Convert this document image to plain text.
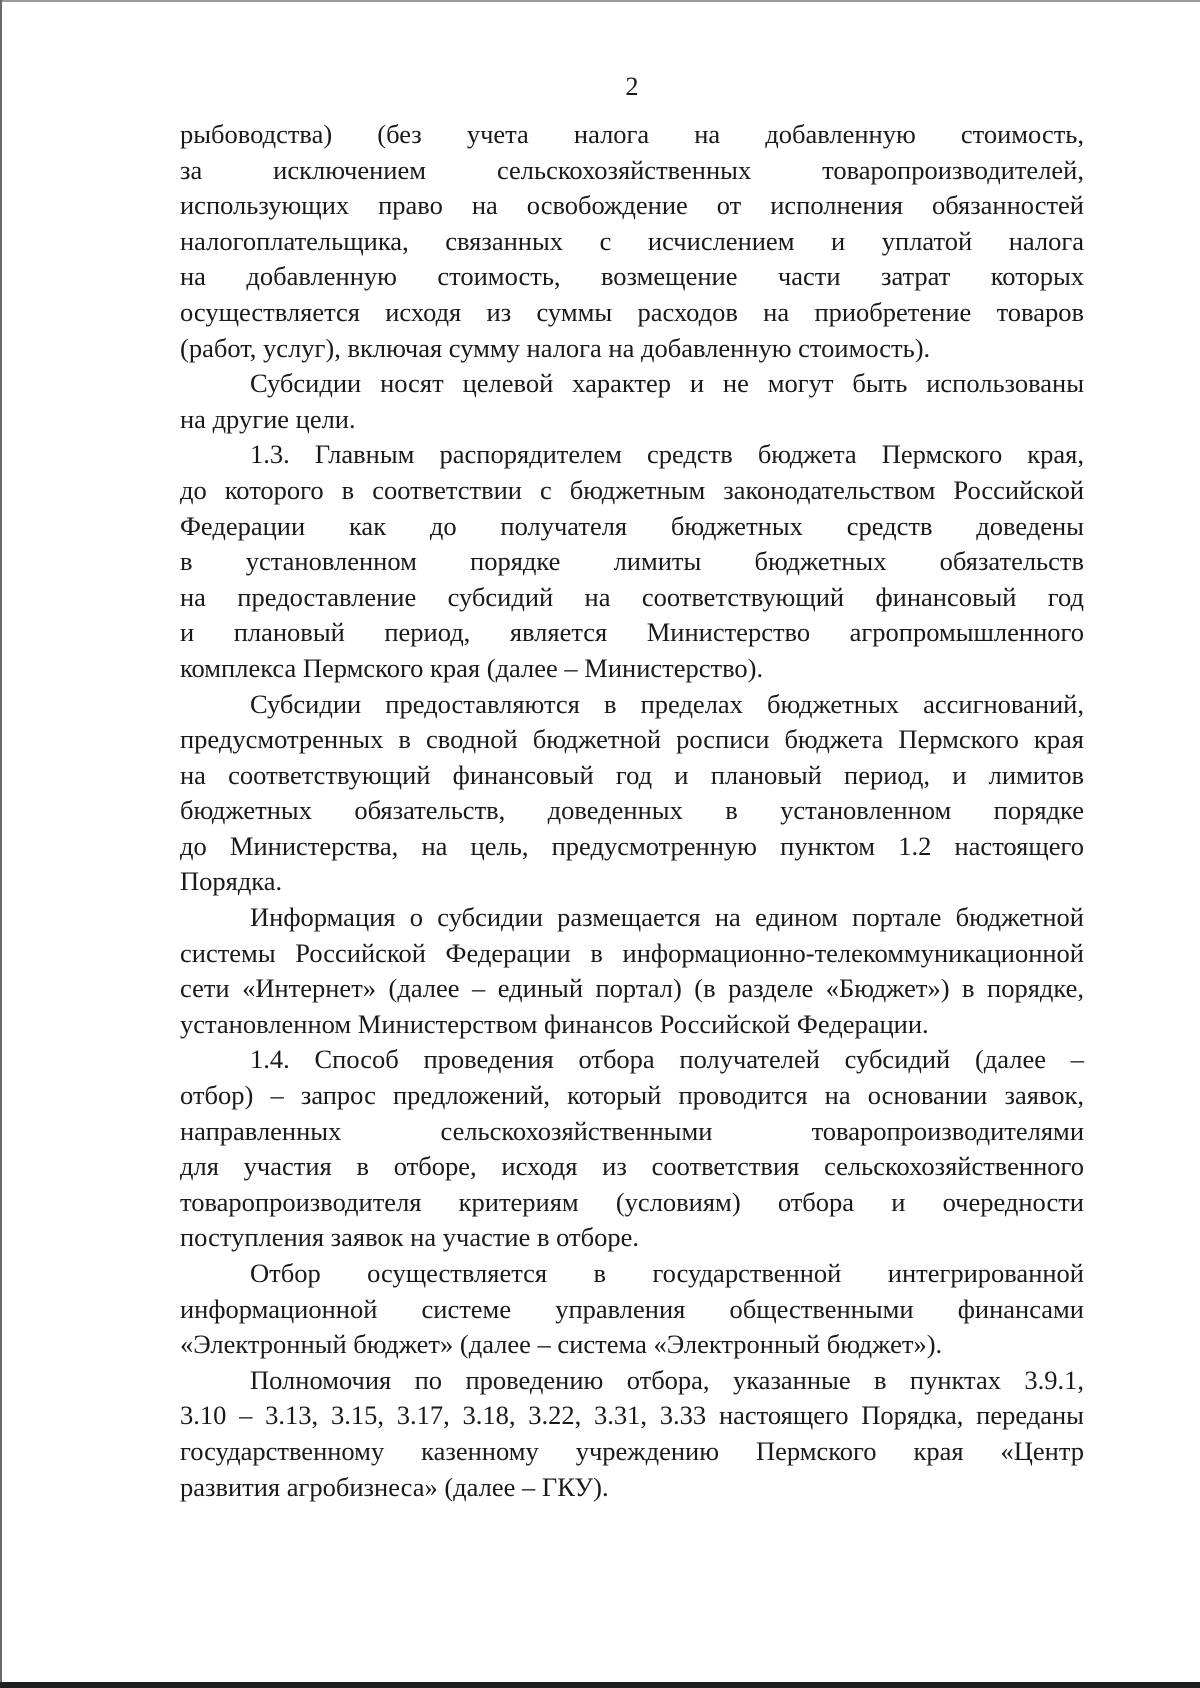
2
рыбоводства) (без учета налога на добавленную стоимость,
за исключением сельскохозяйственных товаропроизводителей,
использующих право на освобождение от исполнения обязанностей
налогоплательщика, связанных с исчислением и уплатой налога
на добавленную стоимость, возмещение части затрат которых
осуществляется исходя из суммы расходов на приобретение товаров
(работ, услуг), включая сумму налога на добавленную стоимость).
Субсидии носят целевой характер и не могут быть использованы
на другие цели.
1.3. Главным распорядителем средств бюджета Пермского края,
до которого в соответствии с бюджетным законодательством Российской
Федерации как до получателя бюджетных средств доведены
в установленном порядке лимиты бюджетных обязательств
на предоставление субсидий на соответствующий финансовый год
и плановый период, является Министерство агропромышленного
комплекса Пермского края (далее – Министерство).
Субсидии предоставляются в пределах бюджетных ассигнований,
предусмотренных в сводной бюджетной росписи бюджета Пермского края
на соответствующий финансовый год и плановый период, и лимитов
бюджетных обязательств, доведенных в установленном порядке
до Министерства, на цель, предусмотренную пунктом 1.2 настоящего
Порядка.
Информация о субсидии размещается на едином портале бюджетной
системы Российской Федерации в информационно-телекоммуникационной
сети «Интернет» (далее – единый портал) (в разделе «Бюджет») в порядке,
установленном Министерством финансов Российской Федерации.
1.4. Способ проведения отбора получателей субсидий (далее –
отбор) – запрос предложений, который проводится на основании заявок,
направленных сельскохозяйственными товаропроизводителями
для участия в отборе, исходя из соответствия сельскохозяйственного
товаропроизводителя критериям (условиям) отбора и очередности
поступления заявок на участие в отборе.
Отбор осуществляется в государственной интегрированной
информационной системе управления общественными финансами
«Электронный бюджет» (далее – система «Электронный бюджет»).
Полномочия по проведению отбора, указанные в пунктах 3.9.1,
3.10 – 3.13, 3.15, 3.17, 3.18, 3.22, 3.31, 3.33 настоящего Порядка, переданы
государственному казенному учреждению Пермского края «Центр
развития агробизнеса» (далее – ГКУ).
